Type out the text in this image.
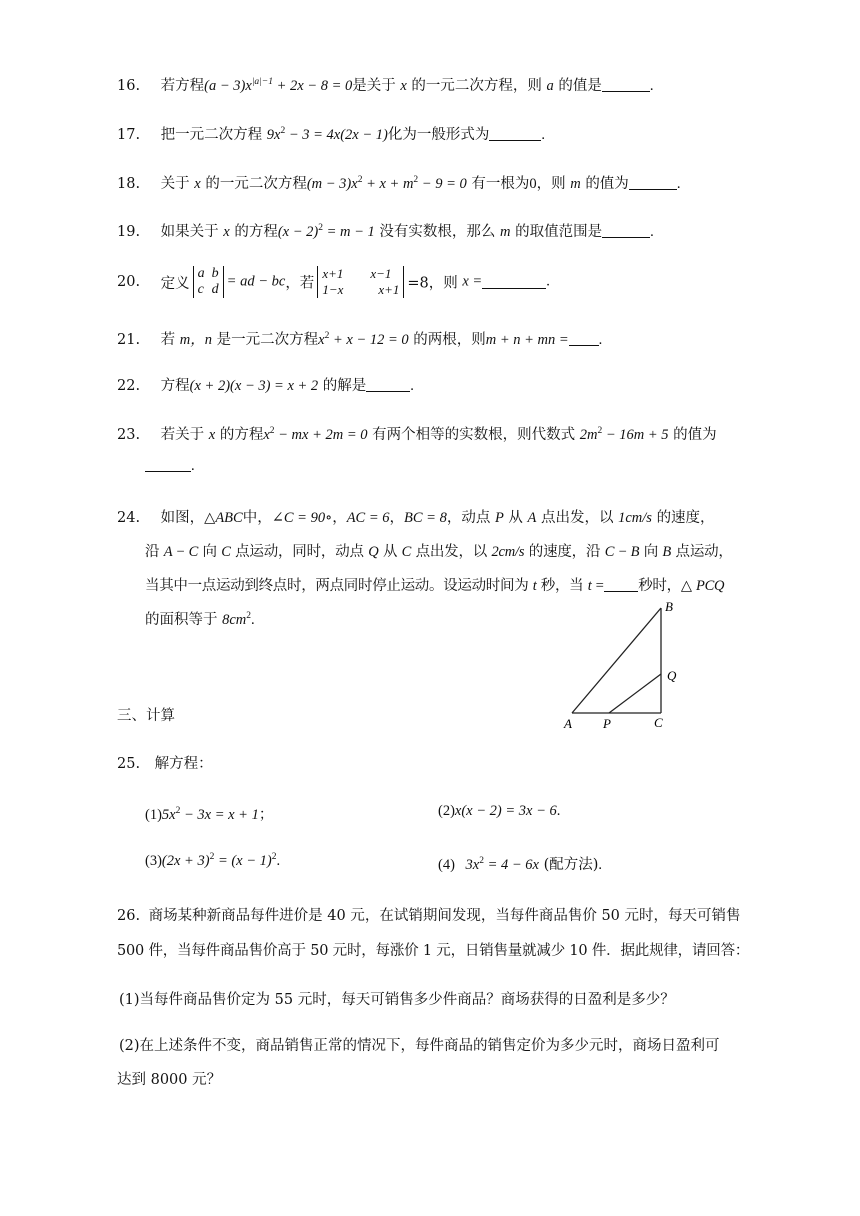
16. 若方程$(a - 3)x^{|a|-1} + 2x - 8 = 0$是关于 x 的一元二次方程，则 a 的值是	.
17. 把一元二次方程 $9x^2 - 3 = 4x(2x - 1)$化为一般形式为	.
18. 关于 x 的一元二次方程$(m - 3)x^2 + x + m^2 - 9 = 0$ 有一根为0，则 m 的值为	.
19. 如果关于 x 的方程$(x - 2)^2 = m - 1$ 没有实数根，那么 m 的取值范围是	.
20. 定义
a b
c d = ad − bc，若
x+1 x−1
1−x	x+1 =8，则 x =	.
21. 若 m，n 是一元二次方程$x^2 + x - 12 = 0$ 的两根，则m + n + mn = .
22. 方程(x + 2)(x − 3) = x + 2 的解是	.
23. 若关于 x 的方程$x^2$ − mx + 2m = 0 有两个相等的实数根，则代数式 $2m^2 - 16m + 5$ 的值为
.
24. 如图，△ABC中，∠C = 90∘，AC = 6，BC = 8，动点 P 从 A 点出发，以 1cm/s 的速度，
沿 A − C 向 C 点运动，同时，动点 Q 从 C 点出发，以 2cm/s 的速度，沿 C − B 向 B 点运动，
当其中一点运动到终点时，两点同时停止运动。设运动时间为 t 秒，当 t = 秒时，△ PCQ
的面积等于 $8cm^2$.
A P	C
B
Q
三、计算
25. 解方程：
$(1)5x^2 - 3x = x + 1$；	(2)x(x − 2) = 3x − 6.
$(3)(2x + 3)^2 = (x - 1)^2$.	(4) $3x^2 = 4 - 6x$ (配方法).
26. 商场某种新商品每件进价是 40 元，在试销期间发现，当每件商品售价 50 元时，每天可销售
500 件，当每件商品售价高于 50 元时，每涨价 1 元，日销售量就减少 10 件．据此规律，请回答：
(1)当每件商品售价定为 55 元时，每天可销售多少件商品？商场获得的日盈利是多少？
(2)在上述条件不变，商品销售正常的情况下，每件商品的销售定价为多少元时，商场日盈利可
达到 8000 元？
